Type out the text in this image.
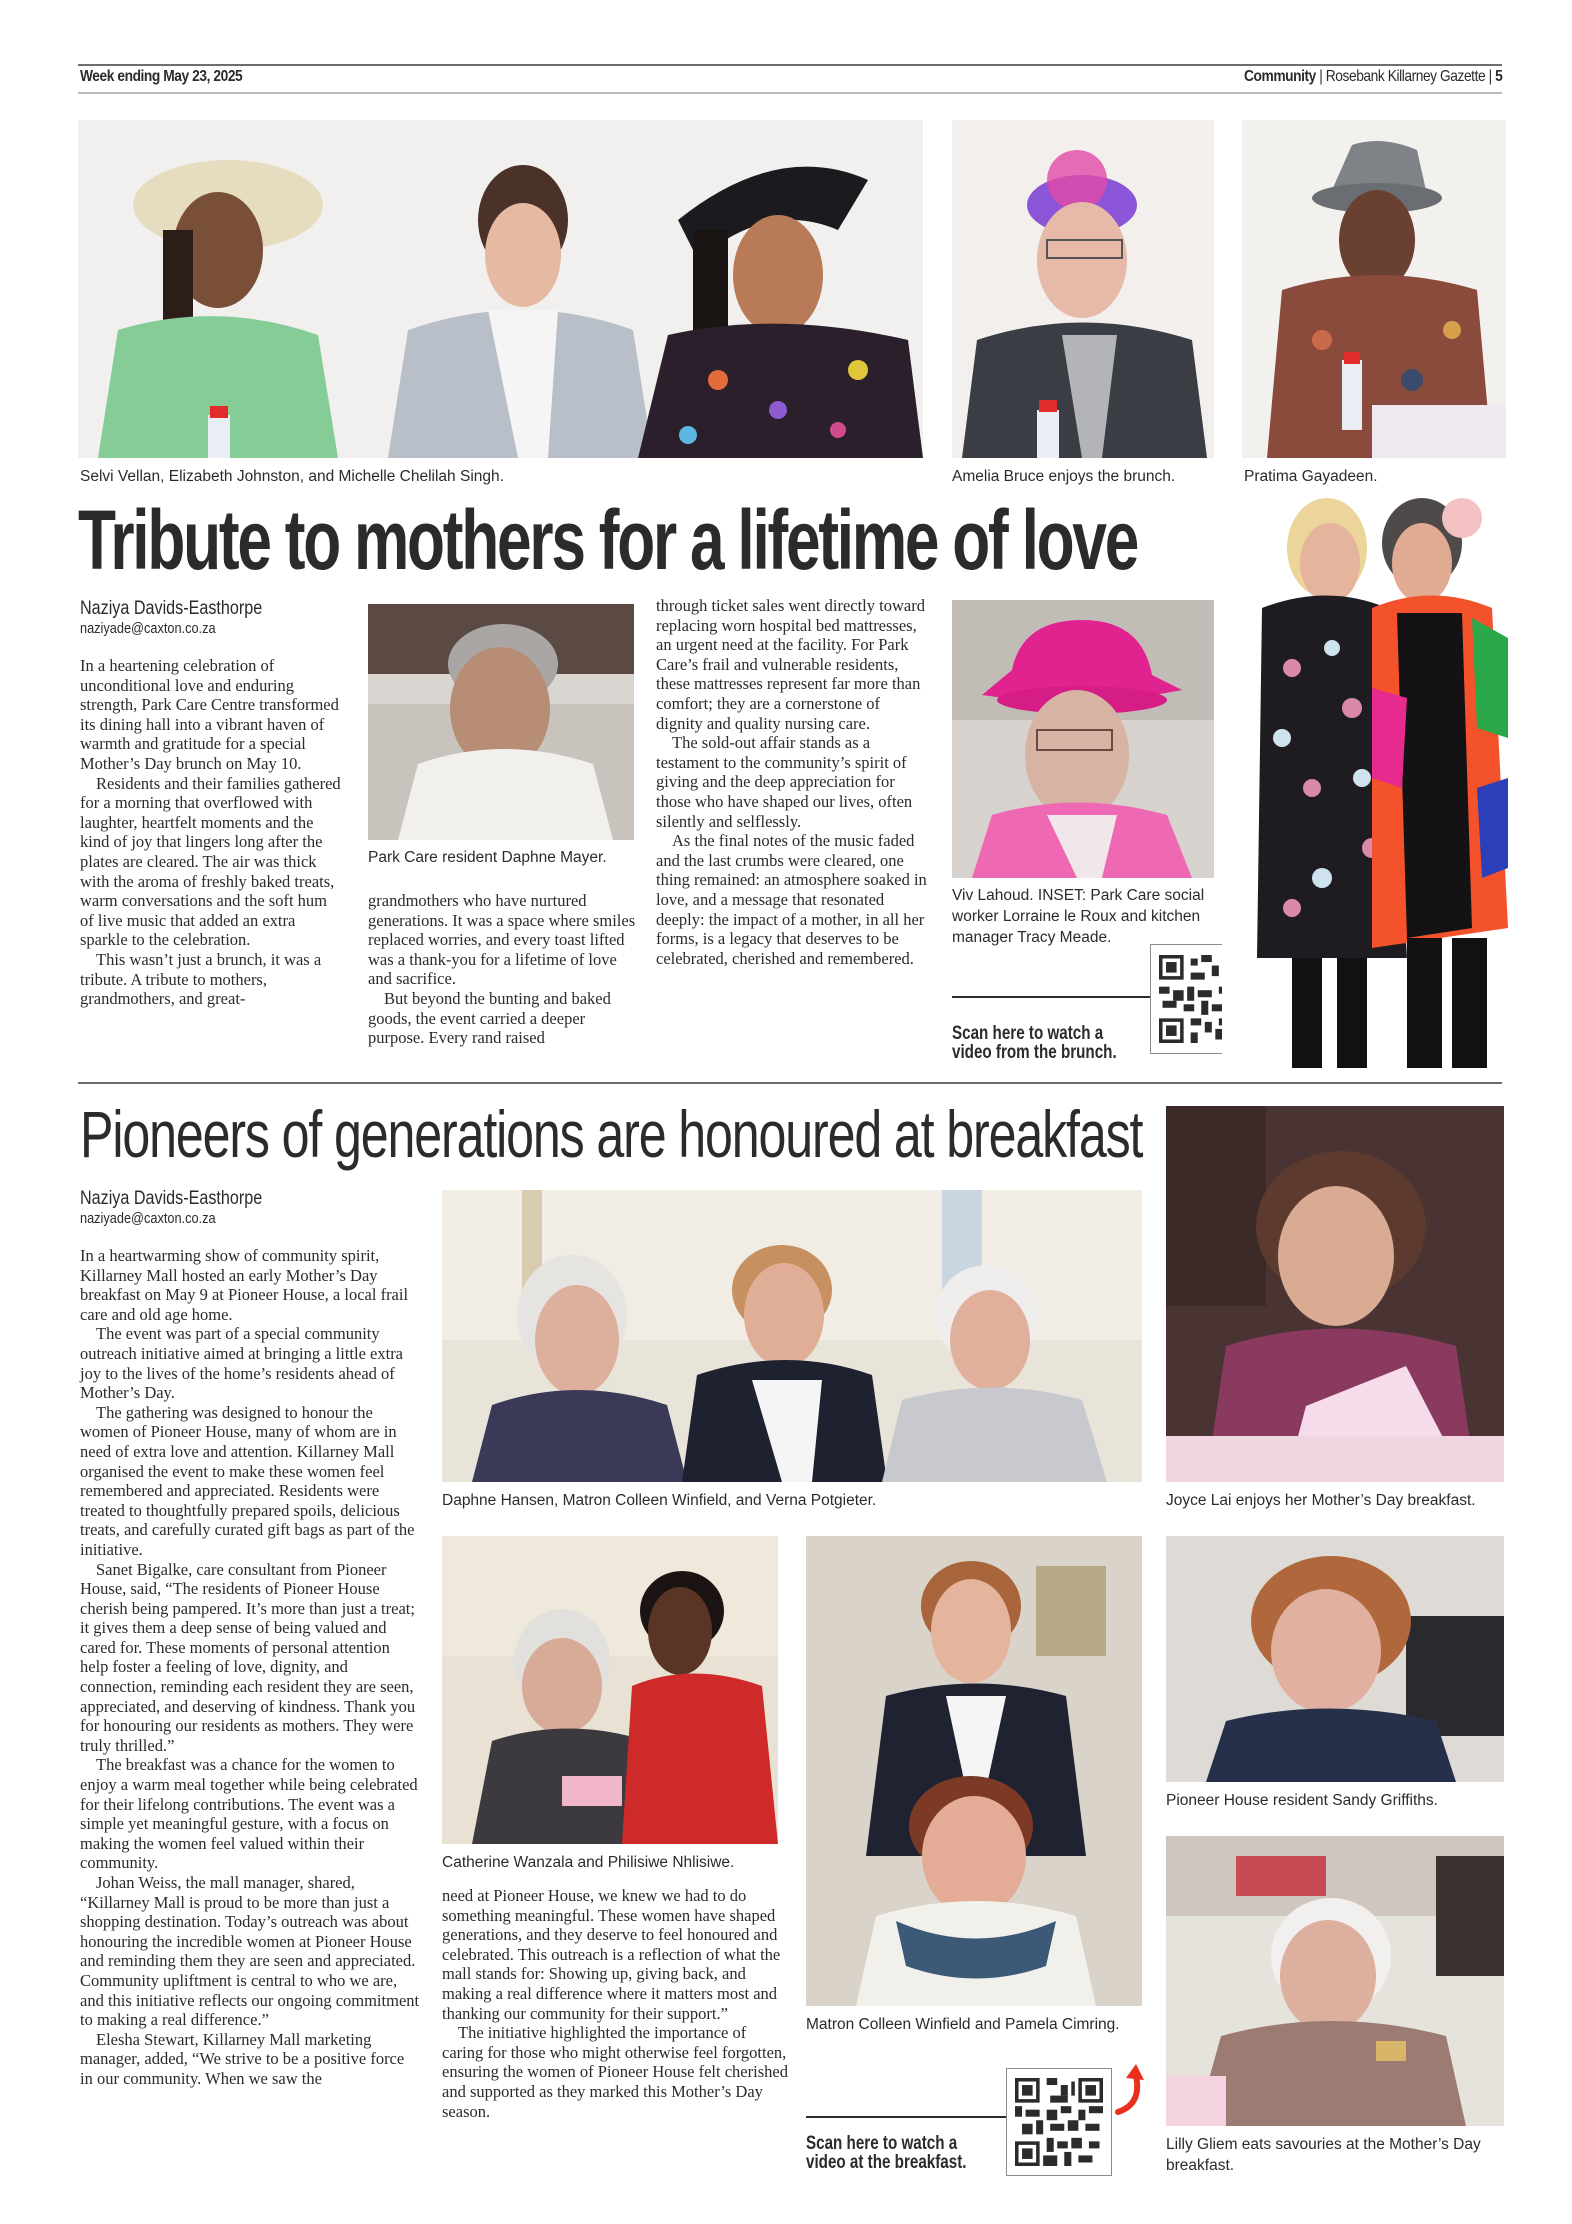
Week ending May 23, 2025	Community | Rosebank Killarney Gazette | 5
Selvi Vellan, Elizabeth Johnston, and Michelle Chelilah Singh.	Amelia Bruce enjoys the brunch.	Pratima Gayadeen.
Tribute to mothers for a lifetime of love
Naziya Davids-Easthorpe
naziyade@caxton.co.za

In a heartening celebration of unconditional love and enduring strength, Park Care Centre transformed its dining hall into a vibrant haven of warmth and gratitude for a special Mother’s Day brunch on May 10.

Residents and their families gathered for a morning that overflowed with laughter, heartfelt moments and the kind of joy that lingers long after the plates are cleared. The air was thick with the aroma of freshly baked treats, warm conversations and the soft hum of live music that added an extra sparkle to the celebration.

This wasn’t just a brunch, it was a tribute. A tribute to mothers, grandmothers, and great-

Park Care resident Daphne Mayer.

grandmothers who have nurtured generations. It was a space where smiles replaced worries, and every toast lifted was a thank-you for a lifetime of love and sacrifice.

But beyond the bunting and baked goods, the event carried a deeper purpose. Every rand raised

through ticket sales went directly toward replacing worn hospital bed mattresses, an urgent need at the facility. For Park Care’s frail and vulnerable residents, these mattresses represent far more than comfort; they are a cornerstone of dignity and quality nursing care.

The sold-out affair stands as a testament to the community’s spirit of giving and the deep appreciation for those who have shaped our lives, often silently and selflessly.

As the final notes of the music faded and the last crumbs were cleared, one thing remained: an atmosphere soaked in love, and a message that resonated deeply: the impact of a mother, in all her forms, is a legacy that deserves to be celebrated, cherished and remembered.

Viv Lahoud. INSET: Park Care social worker Lorraine le Roux and kitchen manager Tracy Meade.
Scan here to watch a
video from the brunch.
Pioneers of generations are honoured at breakfast
Naziya Davids-Easthorpe
naziyade@caxton.co.za

In a heartwarming show of community spirit, Killarney Mall hosted an early Mother’s Day breakfast on May 9 at Pioneer House, a local frail care and old age home.

The event was part of a special community outreach initiative aimed at bringing a little extra joy to the lives of the home’s residents ahead of Mother’s Day.

The gathering was designed to honour the women of Pioneer House, many of whom are in need of extra love and attention. Killarney Mall organised the event to make these women feel remembered and appreciated. Residents were treated to thoughtfully prepared spoils, delicious treats, and carefully curated gift bags as part of the initiative.

Sanet Bigalke, care consultant from Pioneer House, said, “The residents of Pioneer House cherish being pampered. It’s more than just a treat; it gives them a deep sense of being valued and cared for. These moments of personal attention help foster a feeling of love, dignity, and connection, reminding each resident they are seen, appreciated, and deserving of kindness. Thank you for honouring our residents as mothers. They were truly thrilled.”

The breakfast was a chance for the women to enjoy a warm meal together while being celebrated for their lifelong contributions. The event was a simple yet meaningful gesture, with a focus on making the women feel valued within their community.

Johan Weiss, the mall manager, shared, “Killarney Mall is proud to be more than just a shopping destination. Today’s outreach was about honouring the incredible women at Pioneer House and reminding them they are seen and appreciated. Community upliftment is central to who we are, and this initiative reflects our ongoing commitment to making a real difference.”

Elesha Stewart, Killarney Mall marketing manager, added, “We strive to be a positive force in our community. When we saw the

Daphne Hansen, Matron Colleen Winfield, and Verna Potgieter.	Joyce Lai enjoys her Mother’s Day breakfast.
Catherine Wanzala and Philisiwe Nhlisiwe.
Matron Colleen Winfield and Pamela Cimring.

need at Pioneer House, we knew we had to do something meaningful. These women have shaped generations, and they deserve to feel honoured and celebrated. This outreach is a reflection of what the mall stands for: Showing up, giving back, and making a real difference where it matters most and thanking our community for their support.”

The initiative highlighted the importance of caring for those who might otherwise feel forgotten, ensuring the women of Pioneer House felt cherished and supported as they marked this Mother’s Day season.

Scan here to watch a
video at the breakfast.
Pioneer House resident Sandy Griffiths.
Lilly Gliem eats savouries at the Mother’s Day breakfast.
